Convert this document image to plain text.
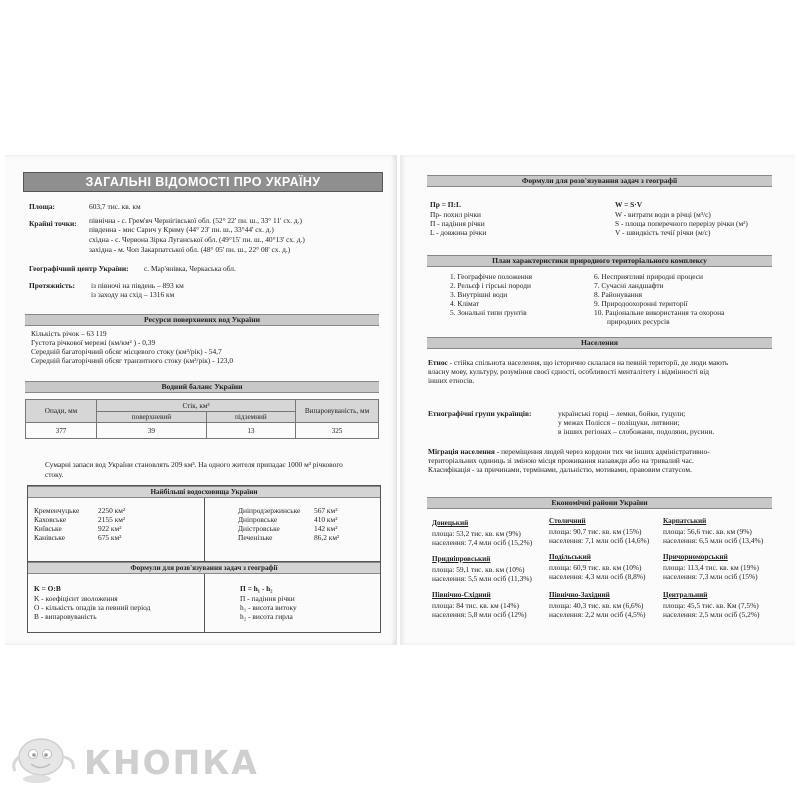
ЗАГАЛЬНІ ВІДОМОСТІ ПРО УКРАЇНУ
Площа:	603,7 тис. кв. км
Крайні точки: північна - с. Грем'яч Чернігівської обл. (52° 22' пн. ш., 33° 11' сх. д.)
південна - мис Сарич у Криму (44° 23' пн. ш., 33°44' сх. д.)
східна - с. Червона Зірка Луганської обл. (49°15' пн. ш., 40°13' сх. д.)
західна - м. Чоп Закарпатської обл. (48° 05' пн. ш., 22° 08' сх. д.)
Географічний центр України: с. Мар'янівка, Черкаська обл.
Протяжність: із півночі на південь – 893 км
із заходу на схід – 1316 км
Ресурси поверхневих вод України
Кількість річок – 63 119
Густота річкової мережі (км/км² ) - 0,39
Середній багаторічний обсяг місцевого стоку (км³/рік) - 54,7
Середній багаторічний обсяг транзитного стоку (км³/рік) - 123,0
Водний баланс України
Опади, мм	Стік, км³		Випаровуваність, мм
	поверхневий	підземний	
377	39	13	325
Сумарні запаси вод України становлять 209 км³. На одного жителя припадає 1000 м³ річкового
стоку.
Найбільші водосховища України
Кременчуцьке	2250 км²
Каховське	2155 км²
Київське	922 км²
Канівське	675 км²
Дніпродзержинське 567 км²
Дніпровське	410 км²
Дністровське	142 км²
Печенізьке	86,2 км²
Формули для розв'язування задач з географії
K = O:B
K - коефіцієнт зволоження
О - кількість опадів за певний період
В - випаровуваність
П = h₁ - h₂
П - падіння річки
h₁ - висота витоку
h₂ - висота гирла
Формули для розв'язування задач з географії
Пр = П:L
Пр- похил річки
П - падіння річки
L - довжина річки
W = S·V
W - витрати води в річці (м³/с)
S - площа поперечного перерізу річки (м²)
V - швидкість течії річки (м/с)
План характеристики природного територіального комплексу
1. Географічне положення
2. Рельєф і гірські породи
3. Внутрішні води
4. Клімат
5. Зональні типи ґрунтів
6. Несприятливі природні процеси
7. Сучасні ландшафти
8. Районування
9. Природоохоронні території
10. Раціональне використання та охорона
природних ресурсів
Населення
Етнос - стійка спільнота населення, що історично склалася на певній території, де люди мають
власну мову, культуру, розуміння своєї єдності, особливості менталітету і відмінності від
інших етносів.
Етнографічні групи українців:	українські горці – лемки, бойки, гуцули;
у межах Полісся – поліщуки, литвини;
в інших регіонах – слобожани, подоляни, русини.
Міграція населення - переміщення людей через кордони тих чи інших адміністративно-
територіальних одиниць зі зміною місця проживання назавжди або на тривалий час.
Класифікація - за причинами, термінами, дальністю, мотивами, правовим статусом.
Економічні райони України
Донецький
площа: 53,2 тис. кв. км (9%)
населення: 7,4 млн осіб (15,2%)
Столичний
площа: 90,7 тис. кв. км (15%)
населення: 7,1 млн осіб (14,6%)
Карпатський
площа: 56,6 тис. кв. км (9%)
населення: 6,5 млн осіб (13,4%)
Придніпровський
площа: 59,1 тис. кв. км (10%)
населення: 5,5 млн осіб (11,3%)
Подільський
площа: 60,9 тис. кв. км (10%)
населення: 4,3 млн осіб (8,8%)
Причорноморський
площа: 113,4 тис. кв. км (19%)
населення: 7,3 млн осіб (15%)
Північно-Східний
площа: 84 тис. кв. км (14%)
населення: 5,8 млн осіб (12%)
Північно-Західний
площа: 40,3 тис. кв. км (6,6%)
населення: 2,2 млн осіб (4,5%)
Центральний
площа: 45,5 тис. кв. Км (7,5%)
населення: 2,5 млн осіб (5,2%)
КНОПКА
